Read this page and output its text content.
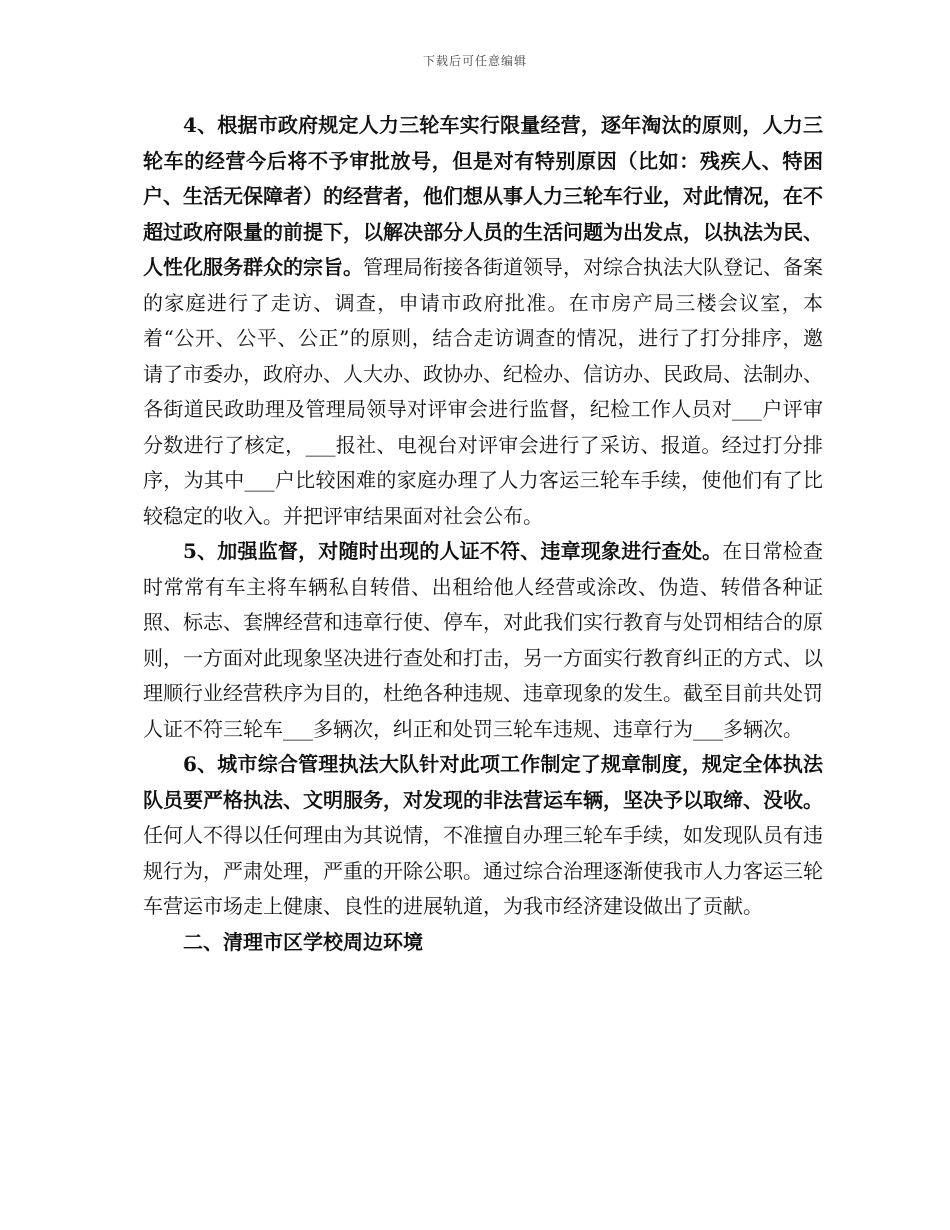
下载后可任意编辑

4、根据市政府规定人力三轮车实行限量经营，逐年淘汰的原则，人力三轮车的经营今后将不予审批放号，但是对有特别原因（比如：残疾人、特困户、生活无保障者）的经营者，他们想从事人力三轮车行业，对此情况，在不超过政府限量的前提下，以解决部分人员的生活问题为出发点，以执法为民、人性化服务群众的宗旨。管理局衔接各街道领导，对综合执法大队登记、备案的家庭进行了走访、调查，申请市政府批准。在市房产局三楼会议室，本着“公开、公平、公正”的原则，结合走访调查的情况，进行了打分排序，邀请了市委办，政府办、人大办、政协办、纪检办、信访办、民政局、法制办、各街道民政助理及管理局领导对评审会进行监督，纪检工作人员对___户评审分数进行了核定，___报社、电视台对评审会进行了采访、报道。经过打分排序，为其中___户比较困难的家庭办理了人力客运三轮车手续，使他们有了比较稳定的收入。并把评审结果面对社会公布。

5、加强监督，对随时出现的人证不符、违章现象进行查处。在日常检查时常常有车主将车辆私自转借、出租给他人经营或涂改、伪造、转借各种证照、标志、套牌经营和违章行使、停车，对此我们实行教育与处罚相结合的原则，一方面对此现象坚决进行查处和打击，另一方面实行教育纠正的方式、以理顺行业经营秩序为目的，杜绝各种违规、违章现象的发生。截至目前共处罚人证不符三轮车___多辆次，纠正和处罚三轮车违规、违章行为___多辆次。

6、城市综合管理执法大队针对此项工作制定了规章制度，规定全体执法队员要严格执法、文明服务，对发现的非法营运车辆，坚决予以取缔、没收。任何人不得以任何理由为其说情，不准擅自办理三轮车手续，如发现队员有违规行为，严肃处理，严重的开除公职。通过综合治理逐渐使我市人力客运三轮车营运市场走上健康、良性的进展轨道，为我市经济建设做出了贡献。

二、清理市区学校周边环境
